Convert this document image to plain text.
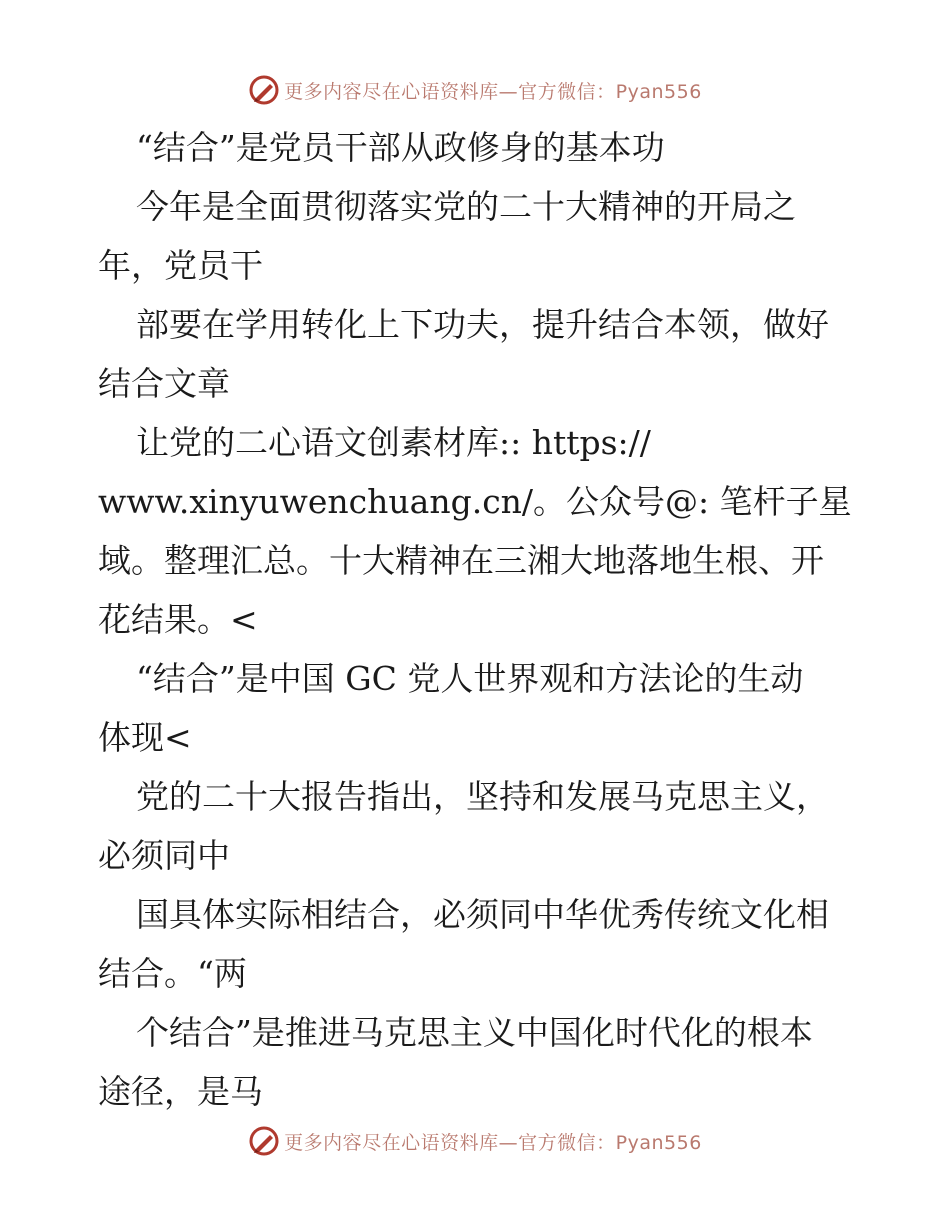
更多内容尽在心语资料库—官方微信：Pyan556
“结合”是党员干部从政修身的基本功
今年是全面贯彻落实党的二十大精神的开局之
年，党员干
部要在学用转化上下功夫，提升结合本领，做好
结合文章
让党的二心语文创素材库:: https://
www.xinyuwenchuang.cn/。公众号@: 笔杆子星
域。整理汇总。十大精神在三湘大地落地生根、开
花结果。<
“结合”是中国 GC 党人世界观和方法论的生动
体现<
党的二十大报告指出，坚持和发展马克思主义，
必须同中
国具体实际相结合，必须同中华优秀传统文化相
结合。“两
个结合”是推进马克思主义中国化时代化的根本
途径，是马
更多内容尽在心语资料库—官方微信：Pyan556
